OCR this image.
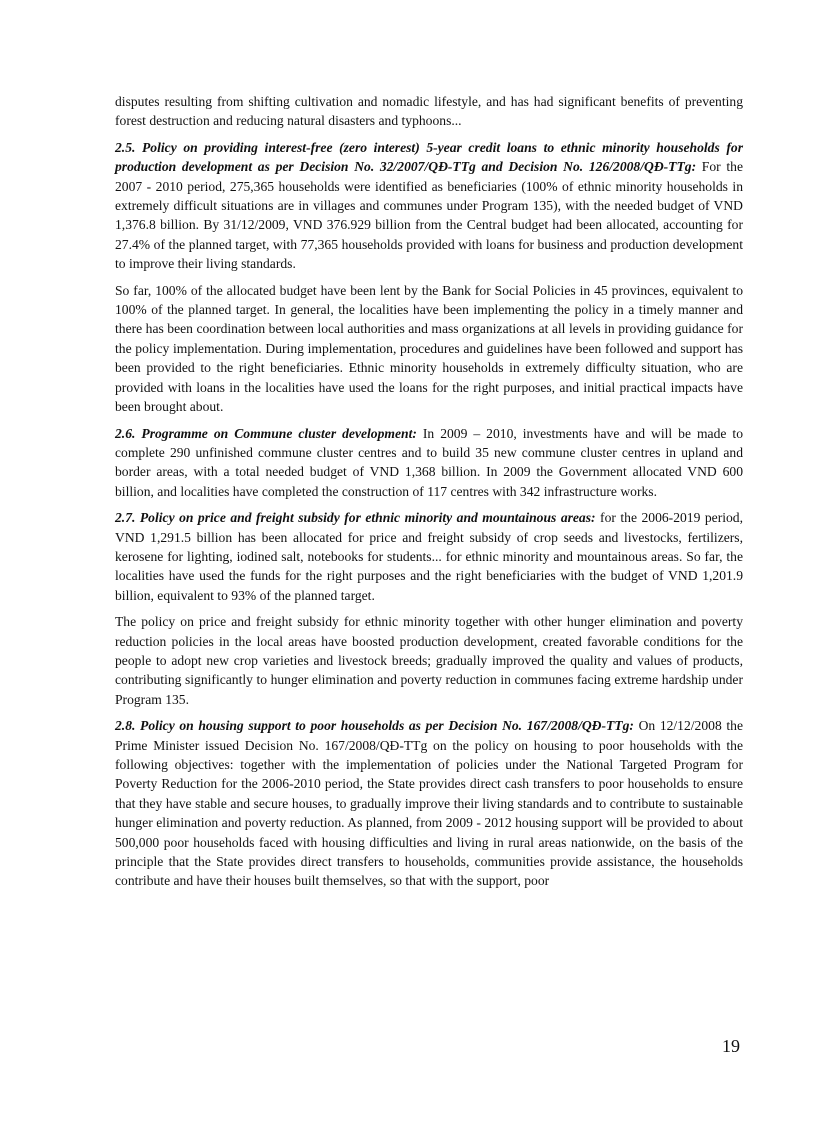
disputes resulting from shifting cultivation and nomadic lifestyle, and has had significant benefits of preventing forest destruction and reducing natural disasters and typhoons...

2.5. Policy on providing interest-free (zero interest) 5-year credit loans to ethnic minority households for production development as per Decision No. 32/2007/QĐ-TTg and Decision No. 126/2008/QĐ-TTg: For the 2007 - 2010 period, 275,365 households were identified as beneficiaries (100% of ethnic minority households in extremely difficult situations are in villages and communes under Program 135), with the needed budget of VND 1,376.8 billion. By 31/12/2009, VND 376.929 billion from the Central budget had been allocated, accounting for 27.4% of the planned target, with 77,365 households provided with loans for business and production development to improve their living standards.

So far, 100% of the allocated budget have been lent by the Bank for Social Policies in 45 provinces, equivalent to 100% of the planned target. In general, the localities have been implementing the policy in a timely manner and there has been coordination between local authorities and mass organizations at all levels in providing guidance for the policy implementation. During implementation, procedures and guidelines have been followed and support has been provided to the right beneficiaries. Ethnic minority households in extremely difficulty situation, who are provided with loans in the localities have used the loans for the right purposes, and initial practical impacts have been brought about.

2.6. Programme on Commune cluster development: In 2009 – 2010, investments have and will be made to complete 290 unfinished commune cluster centres and to build 35 new commune cluster centres in upland and border areas, with a total needed budget of VND 1,368 billion. In 2009 the Government allocated VND 600 billion, and localities have completed the construction of 117 centres with 342 infrastructure works.

2.7. Policy on price and freight subsidy for ethnic minority and mountainous areas: for the 2006-2019 period, VND 1,291.5 billion has been allocated for price and freight subsidy of crop seeds and livestocks, fertilizers, kerosene for lighting, iodined salt, notebooks for students... for ethnic minority and mountainous areas. So far, the localities have used the funds for the right purposes and the right beneficiaries with the budget of VND 1,201.9 billion, equivalent to 93% of the planned target.

The policy on price and freight subsidy for ethnic minority together with other hunger elimination and poverty reduction policies in the local areas have boosted production development, created favorable conditions for the people to adopt new crop varieties and livestock breeds; gradually improved the quality and values of products, contributing significantly to hunger elimination and poverty reduction in communes facing extreme hardship under Program 135.

2.8. Policy on housing support to poor households as per Decision No. 167/2008/QĐ-TTg: On 12/12/2008 the Prime Minister issued Decision No. 167/2008/QĐ-TTg on the policy on housing to poor households with the following objectives: together with the implementation of policies under the National Targeted Program for Poverty Reduction for the 2006-2010 period, the State provides direct cash transfers to poor households to ensure that they have stable and secure houses, to gradually improve their living standards and to contribute to sustainable hunger elimination and poverty reduction. As planned, from 2009 - 2012 housing support will be provided to about 500,000 poor households faced with housing difficulties and living in rural areas nationwide, on the basis of the principle that the State provides direct transfers to households, communities provide assistance, the households contribute and have their houses built themselves, so that with the support, poor

19
